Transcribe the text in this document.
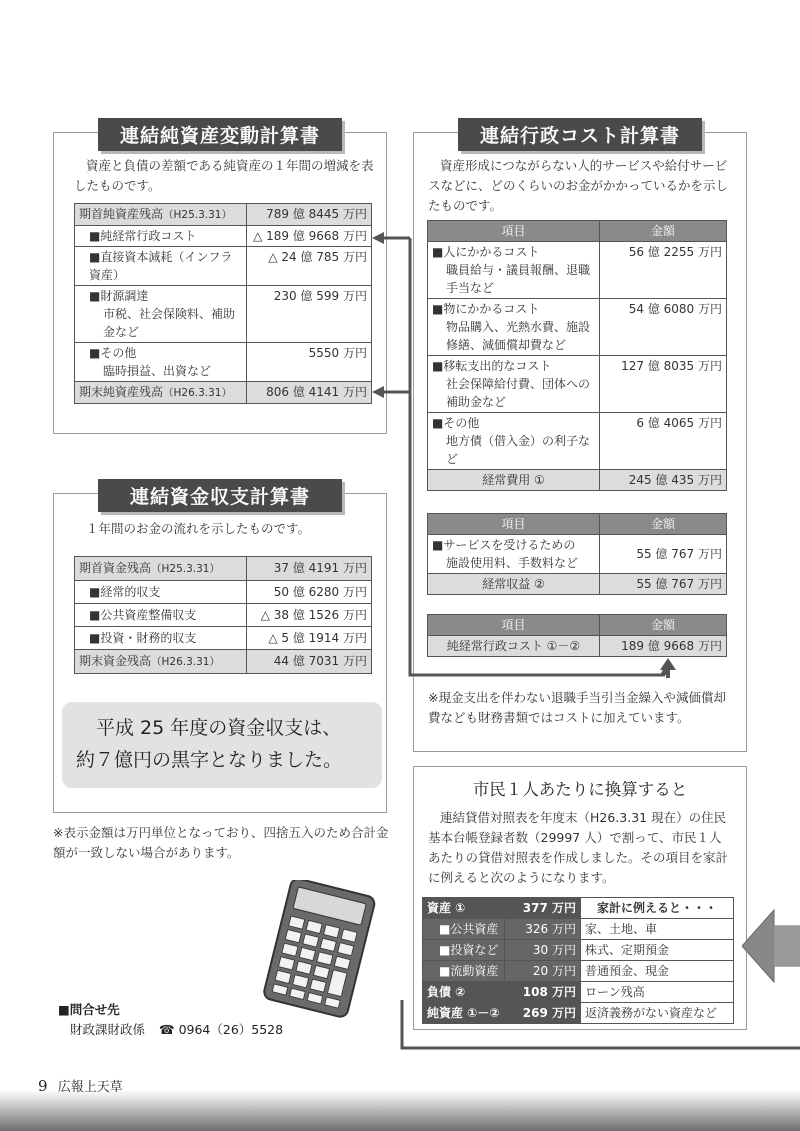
連結純資産変動計算書
資産と負債の差額である純資産の１年間の増減を表したものです。
期首純資産残高（H25.3.31）	789 億 8445 万円
■純経常行政コスト	△ 189 億 9668 万円
■直接資本減耗（インフラ資産）	△ 24 億 785 万円
■財源調達
市税、社会保険料、補助金など	230 億 599 万円
■その他
臨時損益、出資など	5550 万円
期末純資産残高（H26.3.31）	806 億 4141 万円
連結資金収支計算書
１年間のお金の流れを示したものです。
期首資金残高（H25.3.31）	37 億 4191 万円
■経常的収支	50 億 6280 万円
■公共資産整備収支	△ 38 億 1526 万円
■投資・財務的収支	△ 5 億 1914 万円
期末資金残高（H26.3.31）	44 億 7031 万円
平成 25 年度の資金収支は、
約７億円の黒字となりました。
※表示金額は万円単位となっており、四捨五入のため合計金額が一致しない場合があります。
■問合せ先
財政課財政係 ☎ 0964（26）5528
連結行政コスト計算書
資産形成につながらない人的サービスや給付サービスなどに、どのくらいのお金がかかっているかを示したものです。
項目	金額
■人にかかるコスト
職員給与・議員報酬、退職手当など	56 億 2255 万円
■物にかかるコスト
物品購入、光熱水費、施設修繕、減価償却費など	54 億 6080 万円
■移転支出的なコスト
社会保障給付費、団体への補助金など	127 億 8035 万円
■その他
地方債（借入金）の利子など	6 億 4065 万円
経常費用 ①	245 億 435 万円
項目	金額
■サービスを受けるための
施設使用料、手数料など	55 億 767 万円
経常収益 ②	55 億 767 万円
項目	金額
純経常行政コスト ①－②	189 億 9668 万円
※現金支出を伴わない退職手当引当金繰入や減価償却費なども財務書類ではコストに加えています。
市民１人あたりに換算すると
連結貸借対照表を年度末（H26.3.31 現在）の住民基本台帳登録者数（29997 人）で割って、市民１人あたりの貸借対照表を作成しました。その項目を家計に例えると次のようになります。
資産 ①	377 万円	家計に例えると・・・
■公共資産	326 万円	家、土地、車
■投資など	30 万円	株式、定期預金
■流動資産	20 万円	普通預金、現金
負債 ②	108 万円	ローン残高
純資産 ①－②	269 万円	返済義務がない資産など
9 広報上天草
